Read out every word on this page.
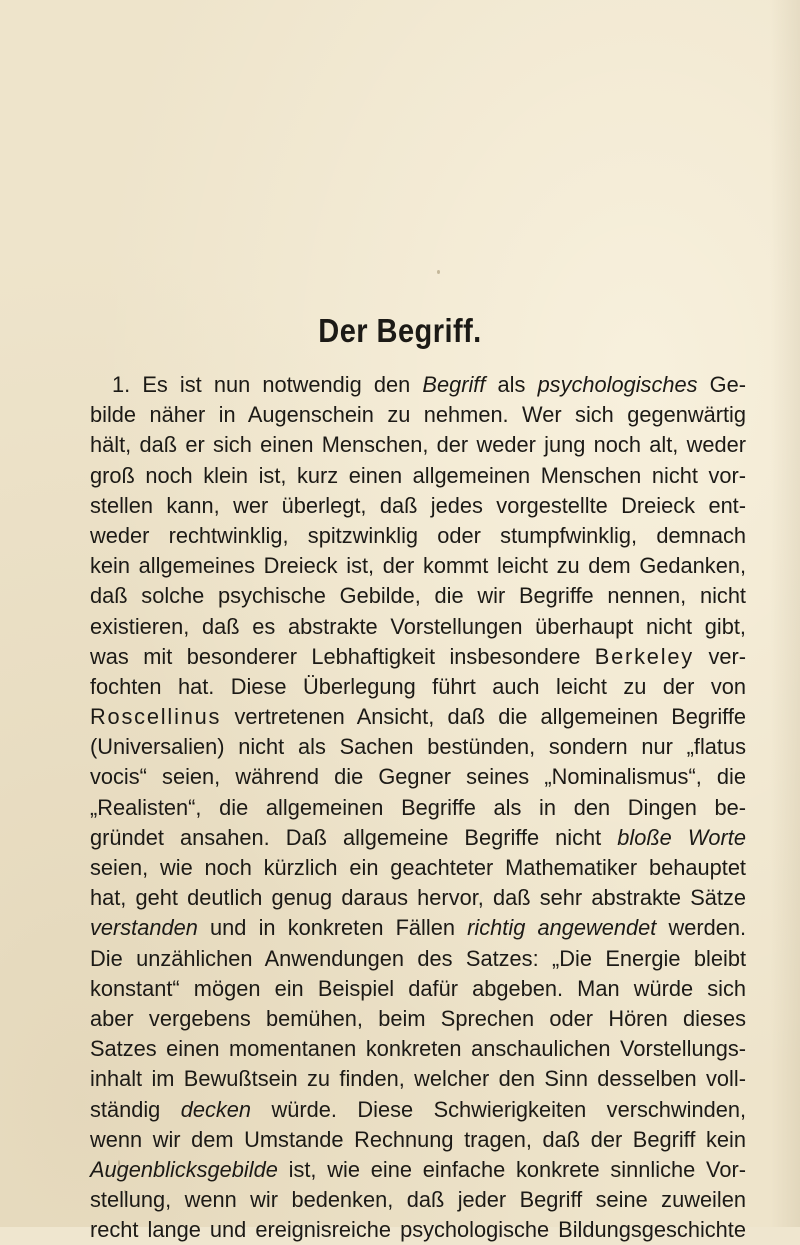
Der Begriff.
1. Es ist nun notwendig den Begriff als psychologisches Ge-
bilde näher in Augenschein zu nehmen. Wer sich gegenwärtig
hält, daß er sich einen Menschen, der weder jung noch alt, weder
groß noch klein ist, kurz einen allgemeinen Menschen nicht vor-
stellen kann, wer überlegt, daß jedes vorgestellte Dreieck ent-
weder rechtwinklig, spitzwinklig oder stumpfwinklig, demnach
kein allgemeines Dreieck ist, der kommt leicht zu dem Gedanken,
daß solche psychische Gebilde, die wir Begriffe nennen, nicht
existieren, daß es abstrakte Vorstellungen überhaupt nicht gibt,
was mit besonderer Lebhaftigkeit insbesondere Berkeley ver-
fochten hat. Diese Überlegung führt auch leicht zu der von
Roscellinus vertretenen Ansicht, daß die allgemeinen Begriffe
(Universalien) nicht als Sachen bestünden, sondern nur „flatus
vocis“ seien, während die Gegner seines „Nominalismus“, die
„Realisten“, die allgemeinen Begriffe als in den Dingen be-
gründet ansahen. Daß allgemeine Begriffe nicht bloße Worte
seien, wie noch kürzlich ein geachteter Mathematiker behauptet
hat, geht deutlich genug daraus hervor, daß sehr abstrakte Sätze
verstanden und in konkreten Fällen richtig angewendet werden.
Die unzählichen Anwendungen des Satzes: „Die Energie bleibt
konstant“ mögen ein Beispiel dafür abgeben. Man würde sich
aber vergebens bemühen, beim Sprechen oder Hören dieses
Satzes einen momentanen konkreten anschaulichen Vorstellungs-
inhalt im Bewußtsein zu finden, welcher den Sinn desselben voll-
ständig decken würde. Diese Schwierigkeiten verschwinden,
wenn wir dem Umstande Rechnung tragen, daß der Begriff kein
Augenblicksgebilde ist, wie eine einfache konkrete sinnliche Vor-
stellung, wenn wir bedenken, daß jeder Begriff seine zuweilen
recht lange und ereignisreiche psychologische Bildungsgeschichte
